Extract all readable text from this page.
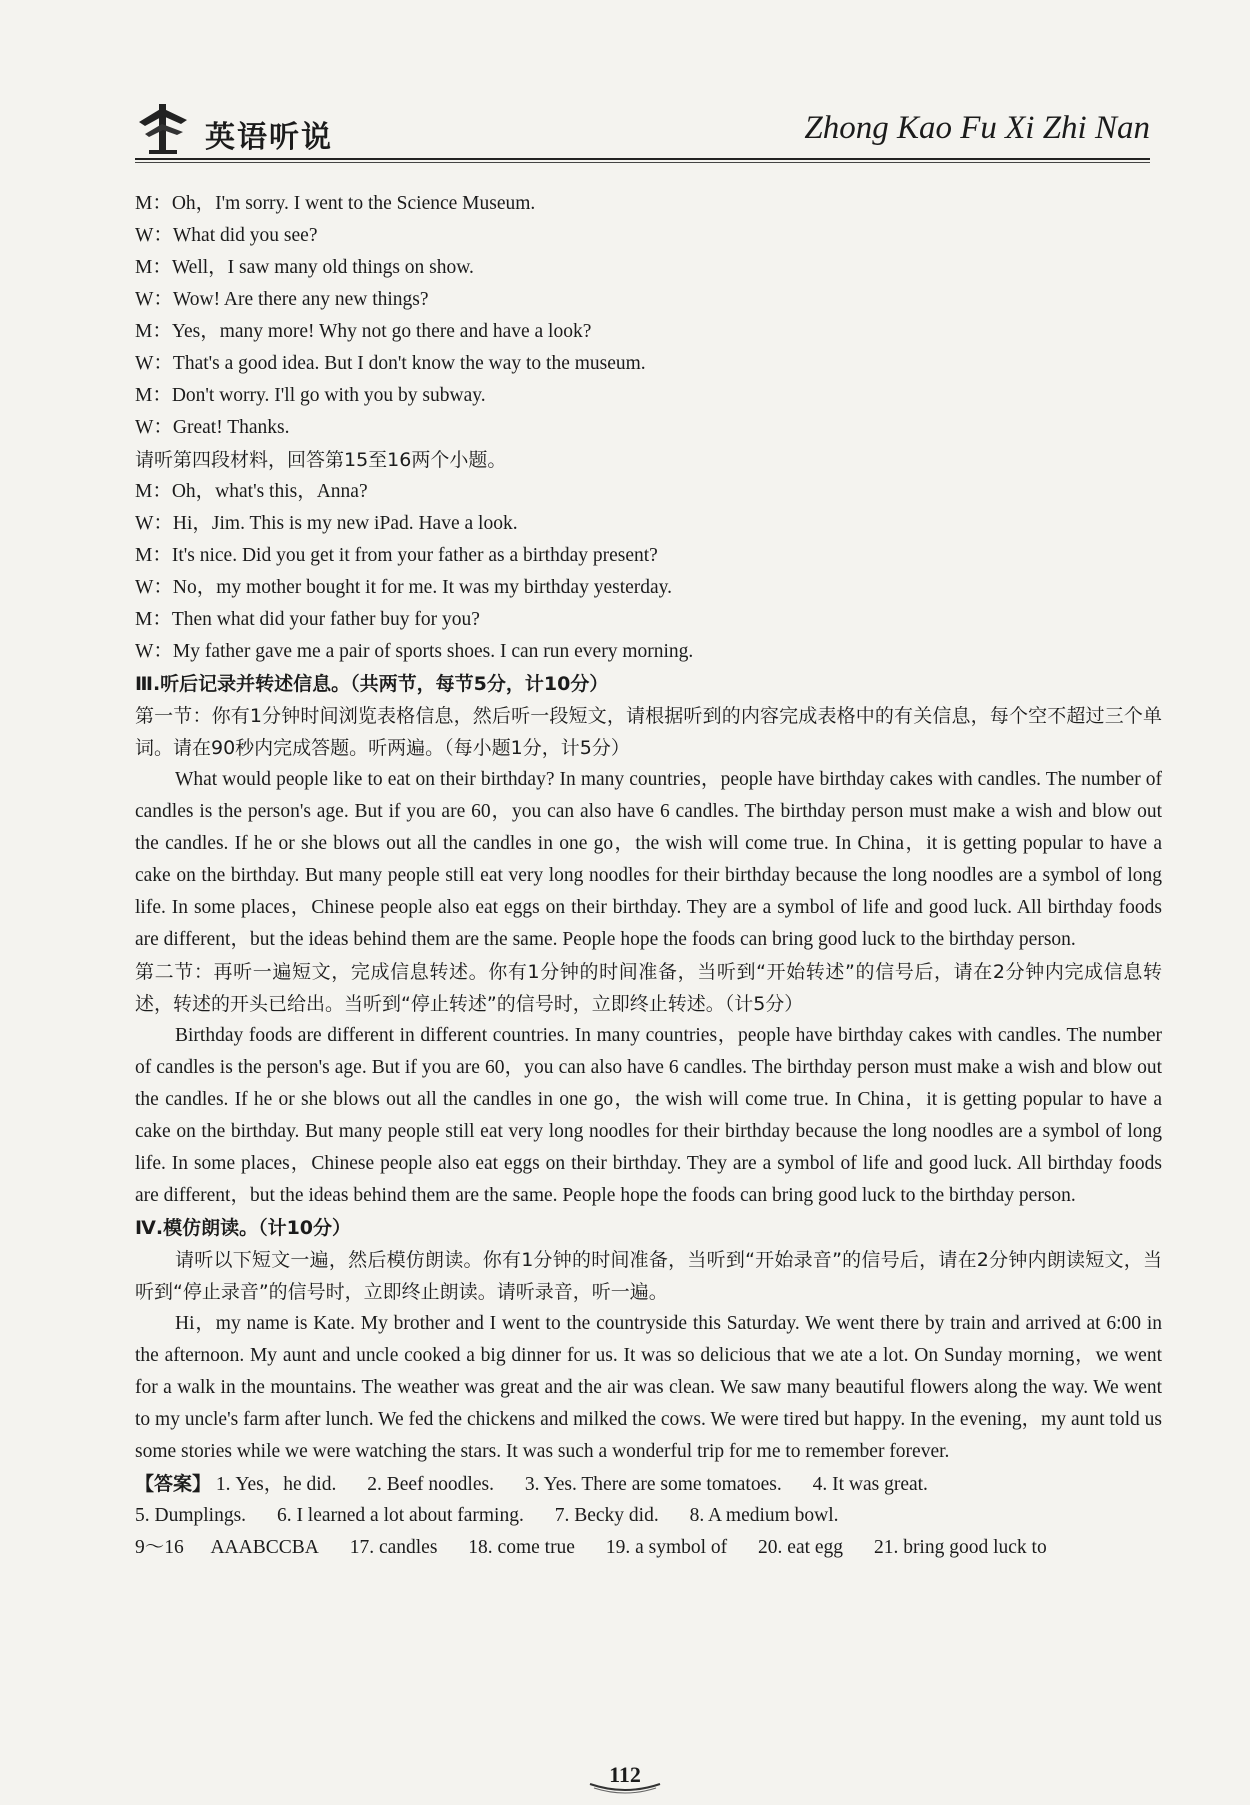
英语听说	Zhong Kao Fu Xi Zhi Nan
M：Oh，I'm sorry. I went to the Science Museum.
W：What did you see?
M：Well，I saw many old things on show.
W：Wow! Are there any new things?
M：Yes，many more! Why not go there and have a look?
W：That's a good idea. But I don't know the way to the museum.
M：Don't worry. I'll go with you by subway.
W：Great! Thanks.
请听第四段材料，回答第15至16两个小题。
M：Oh，what's this，Anna?
W：Hi，Jim. This is my new iPad. Have a look.
M：It's nice. Did you get it from your father as a birthday present?
W：No，my mother bought it for me. It was my birthday yesterday.
M：Then what did your father buy for you?
W：My father gave me a pair of sports shoes. I can run every morning.
Ⅲ.听后记录并转述信息。（共两节，每节5分，计10分）

第一节：你有1分钟时间浏览表格信息，然后听一段短文，请根据听到的内容完成表格中的有关信息，每个空不超过三个单词。请在90秒内完成答题。听两遍。（每小题1分，计5分）

What would people like to eat on their birthday? In many countries，people have birthday cakes with candles. The number of candles is the person's age. But if you are 60，you can also have 6 candles. The birthday person must make a wish and blow out the candles. If he or she blows out all the candles in one go，the wish will come true. In China，it is getting popular to have a cake on the birthday. But many people still eat very long noodles for their birthday because the long noodles are a symbol of long life. In some places，Chinese people also eat eggs on their birthday. They are a symbol of life and good luck. All birthday foods are different，but the ideas behind them are the same. People hope the foods can bring good luck to the birthday person.

第二节：再听一遍短文，完成信息转述。你有1分钟的时间准备，当听到“开始转述”的信号后，请在2分钟内完成信息转述，转述的开头已给出。当听到“停止转述”的信号时，立即终止转述。（计5分）

Birthday foods are different in different countries. In many countries，people have birthday cakes with candles. The number of candles is the person's age. But if you are 60，you can also have 6 candles. The birthday person must make a wish and blow out the candles. If he or she blows out all the candles in one go，the wish will come true. In China，it is getting popular to have a cake on the birthday. But many people still eat very long noodles for their birthday because the long noodles are a symbol of long life. In some places，Chinese people also eat eggs on their birthday. They are a symbol of life and good luck. All birthday foods are different，but the ideas behind them are the same. People hope the foods can bring good luck to the birthday person.

Ⅳ.模仿朗读。（计10分）

请听以下短文一遍，然后模仿朗读。你有1分钟的时间准备，当听到“开始录音”的信号后，请在2分钟内朗读短文，当听到“停止录音”的信号时，立即终止朗读。请听录音，听一遍。

Hi，my name is Kate. My brother and I went to the countryside this Saturday. We went there by train and arrived at 6:00 in the afternoon. My aunt and uncle cooked a big dinner for us. It was so delicious that we ate a lot. On Sunday morning，we went for a walk in the mountains. The weather was great and the air was clean. We saw many beautiful flowers along the way. We went to my uncle's farm after lunch. We fed the chickens and milked the cows. We were tired but happy. In the evening，my aunt told us some stories while we were watching the stars. It was such a wonderful trip for me to remember forever.

【答案】 1. Yes，he did. 2. Beef noodles. 3. Yes. There are some tomatoes. 4. It was great.
5. Dumplings. 6. I learned a lot about farming. 7. Becky did. 8. A medium bowl.
9～16 AAABCCBA 17. candles 18. come true 19. a symbol of 20. eat egg 21. bring good luck to
112
